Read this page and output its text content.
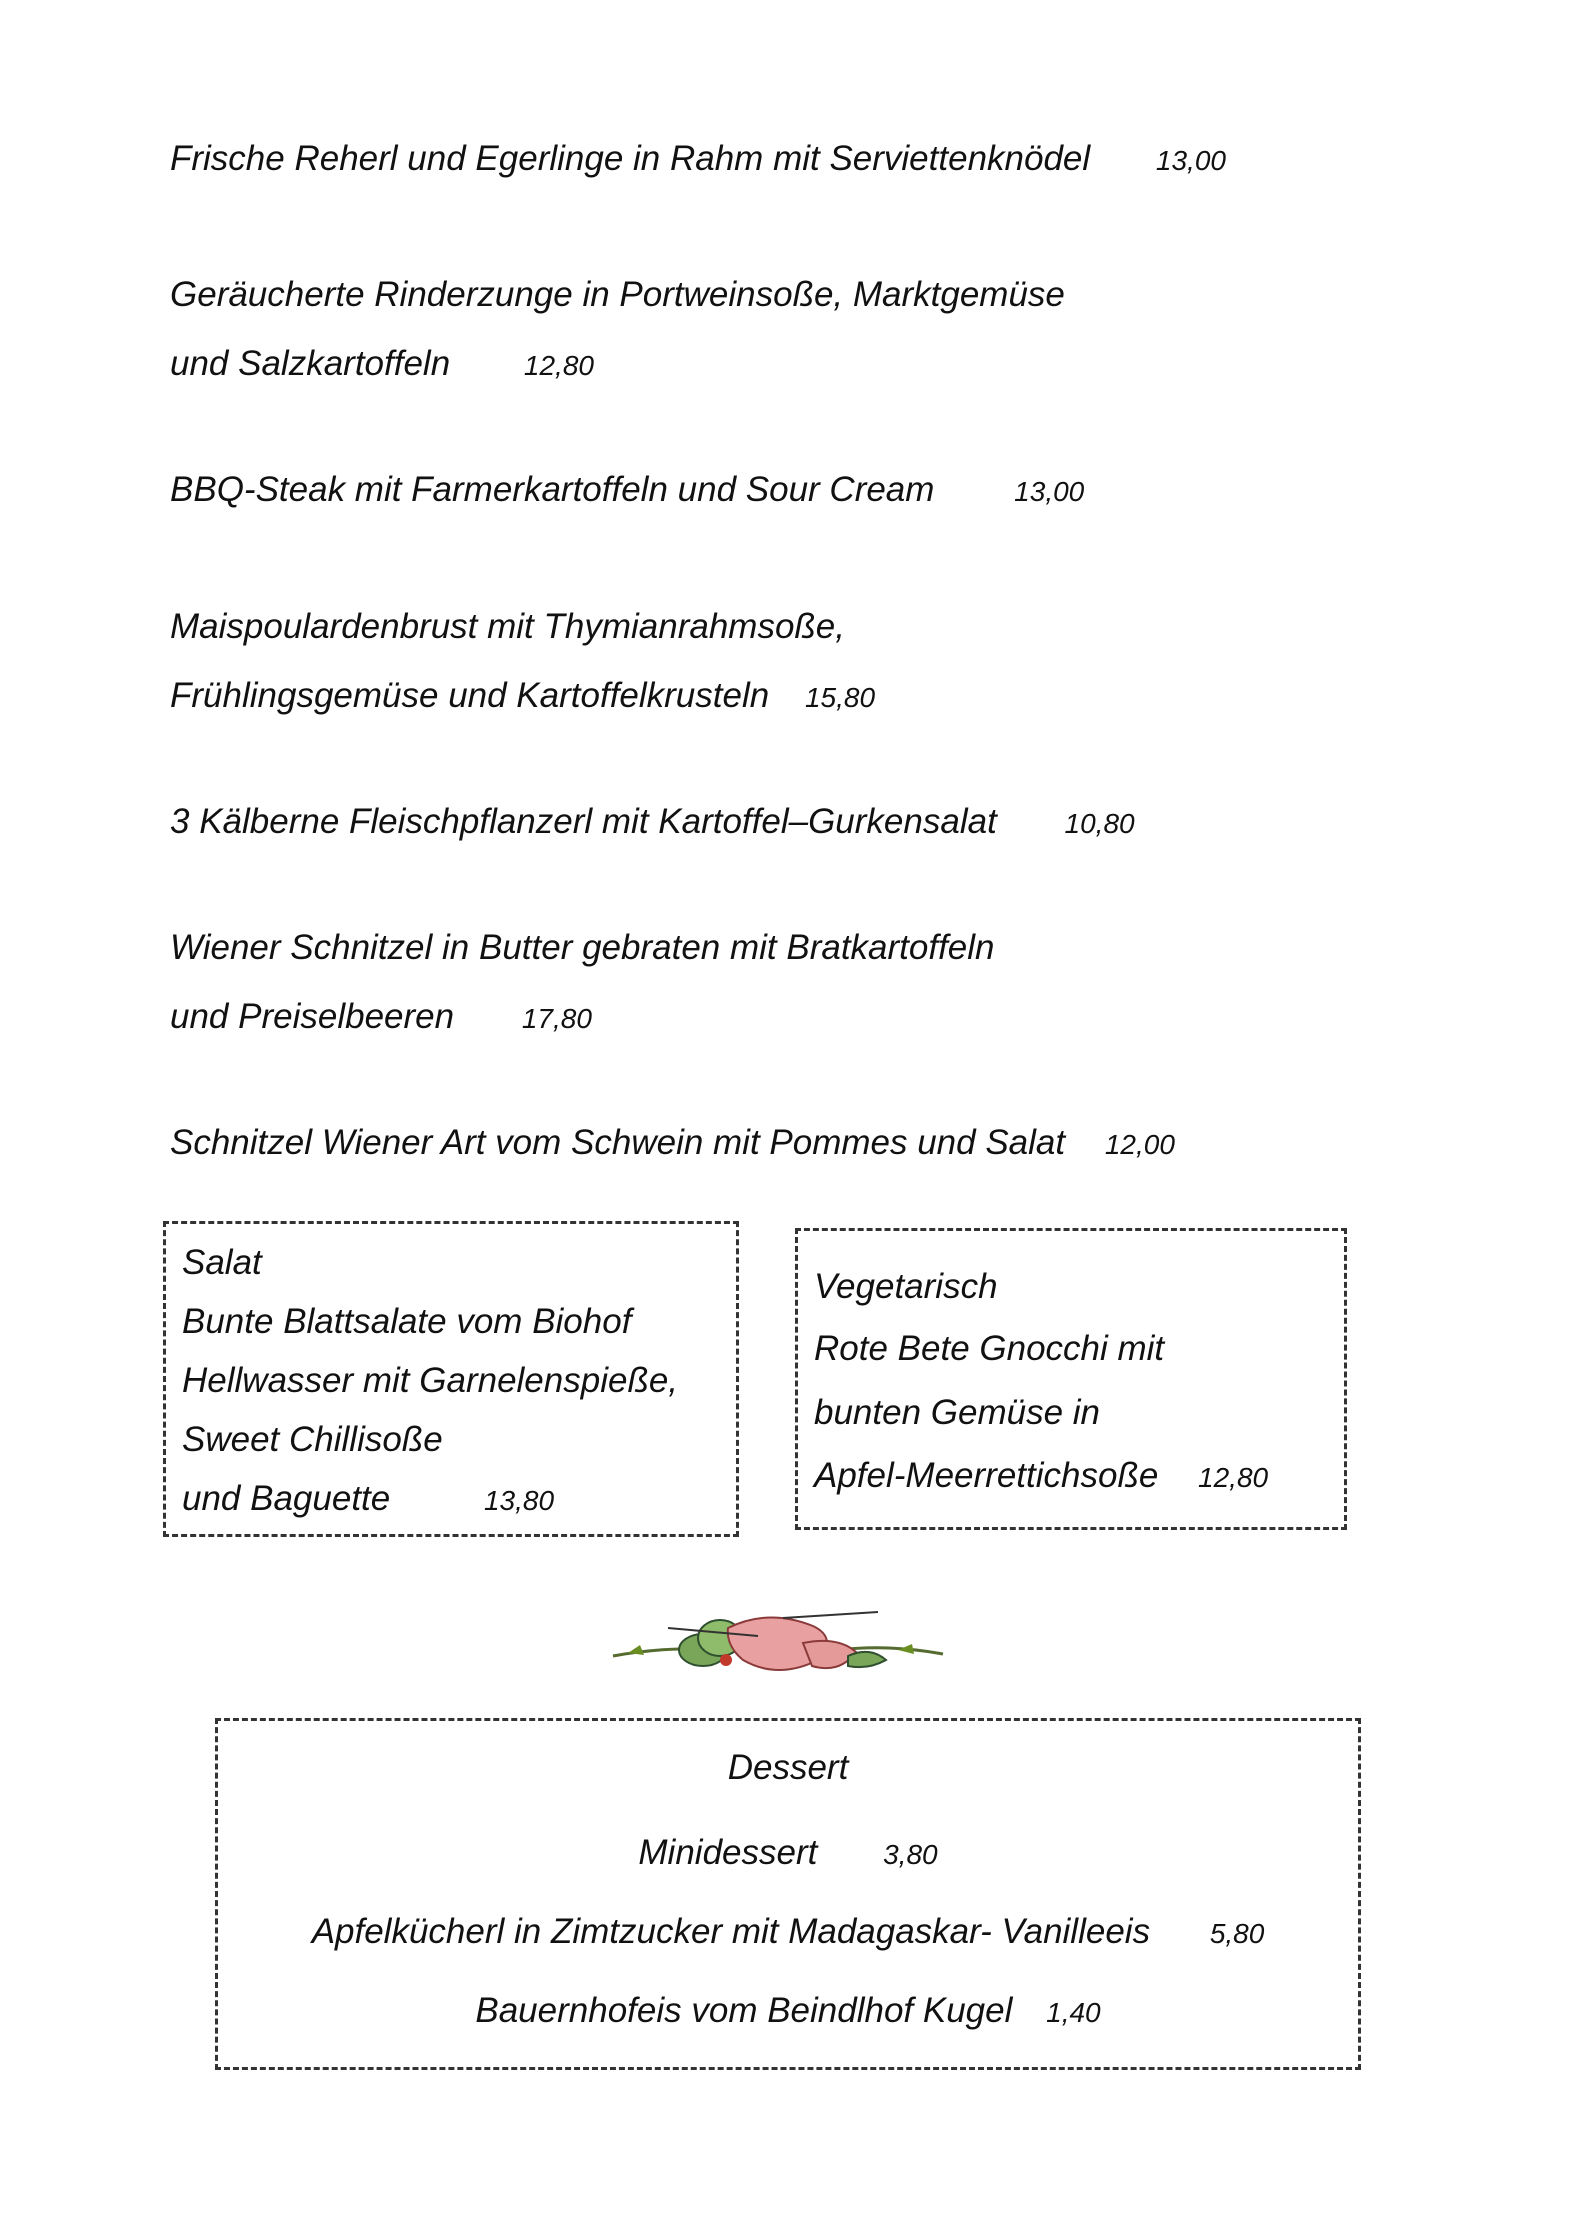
Frische Reherl und Egerlinge in Rahm mit Serviettenknödel 13,00
Geräucherte Rinderzunge in Portweinsoße, Marktgemüse
und Salzkartoffeln	12,80
BBQ-Steak mit Farmerkartoffeln und Sour Cream	13,00
Maispoulardenbrust mit Thymianrahmsoße,
Frühlingsgemüse und Kartoffelkrusteln 15,80
3 Kälberne Fleischpflanzerl mit Kartoffel–Gurkensalat 10,80
Wiener Schnitzel in Butter gebraten mit Bratkartoffeln
und Preiselbeeren 17,80
Schnitzel Wiener Art vom Schwein mit Pommes und Salat 12,00
Salat
Bunte Blattsalate vom Biohof
Hellwasser mit Garnelenspieße,
Sweet Chillisoße
und Baguette	13,80
Vegetarisch
Rote Bete Gnocchi mit
bunten Gemüse in
Apfel-Meerrettichsoße 12,80
Dessert
Minidessert 3,80
Apfelkücherl in Zimtzucker mit Madagaskar- Vanilleeis 5,80
Bauernhofeis vom Beindlhof Kugel 1,40
